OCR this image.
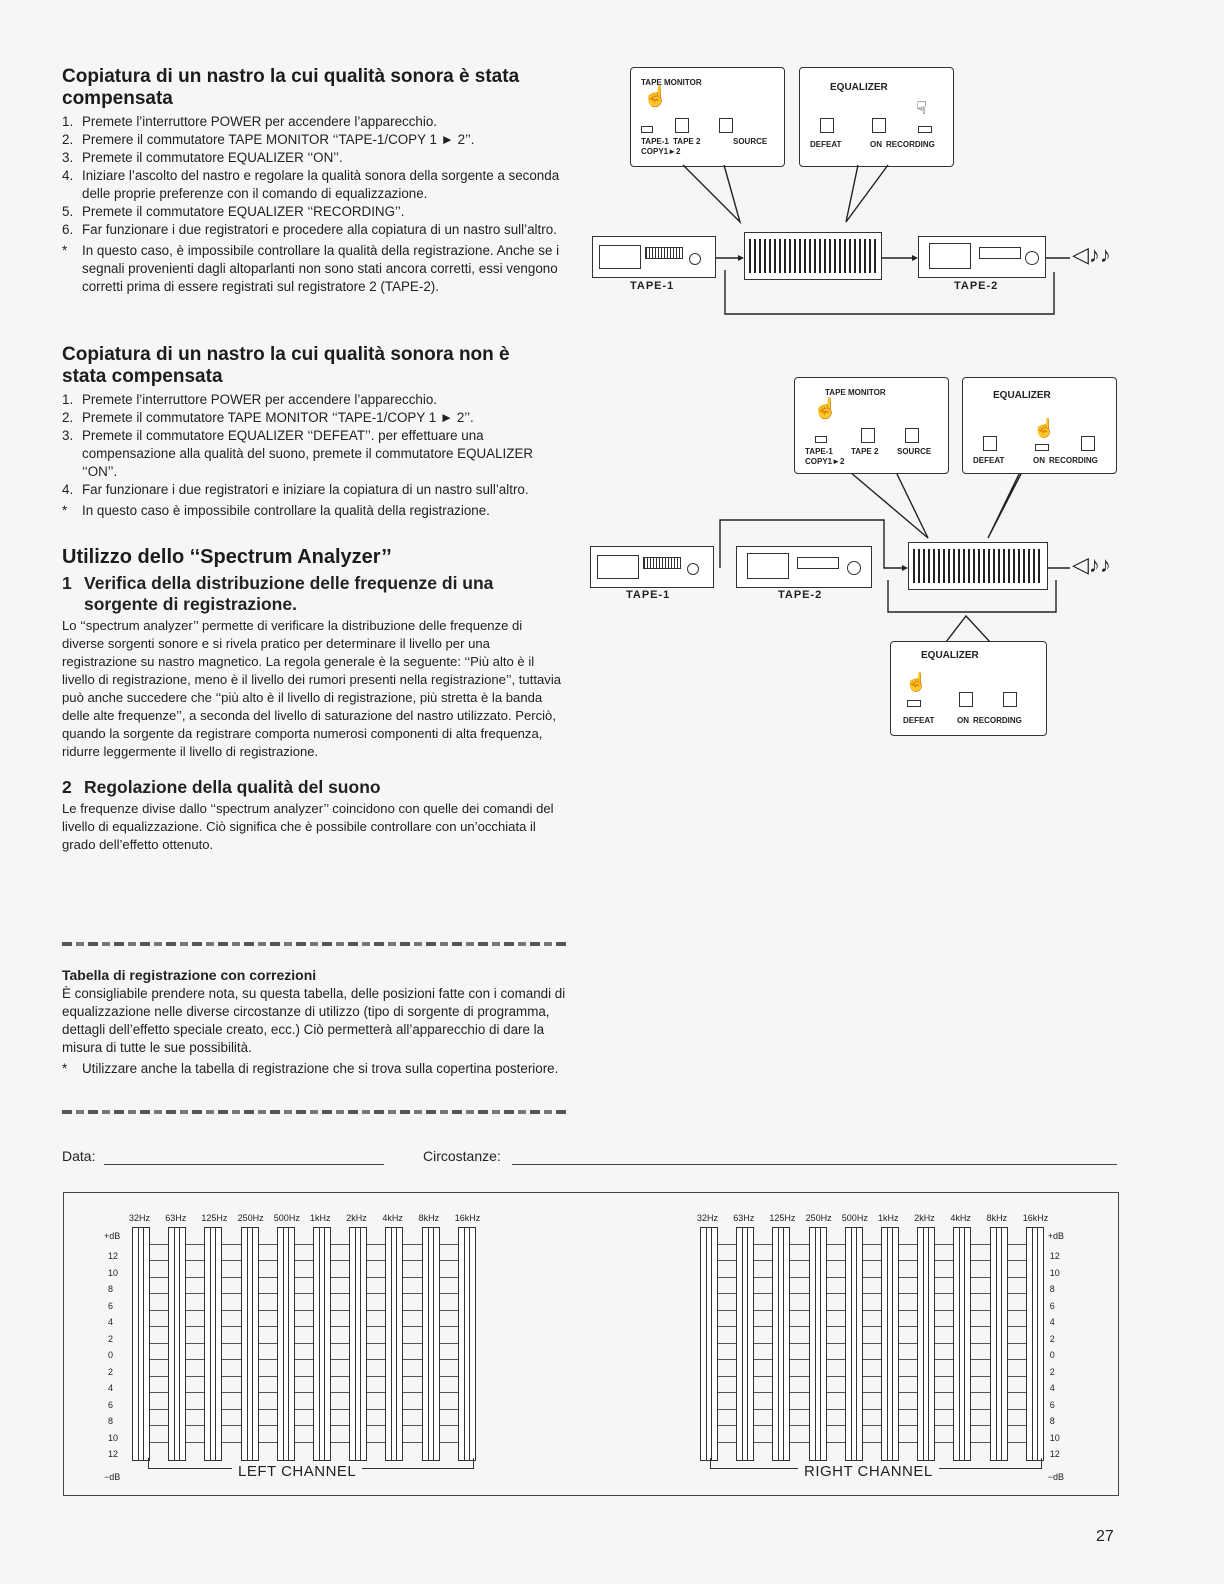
Copiatura di un nastro la cui qualità sonora è stata
compensata
1. Premete l’interruttore POWER per accendere l’apparecchio.
2. Premere il commutatore TAPE MONITOR ‘‘TAPE-1/COPY 1 ► 2’’.
3. Premete il commutatore EQUALIZER ‘‘ON’’.
4. Iniziare l’ascolto del nastro e regolare la qualità sonora della sorgente a seconda delle proprie preferenze con il comando di equalizzazione.
5. Premete il commutatore EQUALIZER ‘‘RECORDING’’.
6. Far funzionare i due registratori e procedere alla copiatura di un nastro sull’altro.
*	In questo caso, è impossibile controllare la qualità della registrazione. Anche se i segnali provenienti dagli altoparlanti non sono stati ancora corretti, essi vengono corretti prima di essere registrati sul registratore 2 (TAPE-2).
Copiatura di un nastro la cui qualità sonora non è
stata compensata
1. Premete l’interruttore POWER per accendere l’apparecchio.
2. Premete il commutatore TAPE MONITOR ‘‘TAPE-1/COPY 1 ► 2’’.
3. Premete il commutatore EQUALIZER ‘‘DEFEAT’’. per effettuare una compensazione alla qualità del suono, premete il commutatore EQUALIZER ‘‘ON’’.
4. Far funzionare i due registratori e iniziare la copiatura di un nastro sull’altro.
*	In questo caso è impossibile controllare la qualità della registrazione.
Utilizzo dello ‘‘Spectrum Analyzer’’
1 Verifica della distribuzione delle frequenze di una sorgente di registrazione.

Lo ‘‘spectrum analyzer’’ permette di verificare la distribuzione delle frequenze di diverse sorgenti sonore e si rivela pratico per determinare il livello per una registrazione su nastro magnetico. La regola generale è la seguente: ‘‘Più alto è il livello di registrazione, meno è il livello dei rumori presenti nella registrazione’’, tuttavia può anche succedere che ‘‘più alto è il livello di registrazione, più stretta è la banda delle alte frequenze’’, a seconda del livello di saturazione del nastro utilizzato. Perciò, quando la sorgente da registrare comporta numerosi componenti di alta frequenza, ridurre leggermente il livello di registrazione.

2 Regolazione della qualità del suono

Le frequenze divise dallo ‘‘spectrum analyzer’’ coincidono con quelle dei comandi del livello di equalizzazione. Ciò significa che è possibile controllare con un’occhiata il grado dell’effetto ottenuto.

Tabella di registrazione con correzioni

È consigliabile prendere nota, su questa tabella, delle posizioni fatte con i comandi di equalizzazione nelle diverse circostanze di utilizzo (tipo di sorgente di programma, dettagli dell’effetto speciale creato, ecc.) Ciò permetterà all’apparecchio di dare la misura di tutte le sue possibilità.

*	Utilizzare anche la tabella di registrazione che si trova sulla copertina posteriore.
Data:	Circostanze:
TAPE MONITOR
☝
TAPE-1
COPY1►2
TAPE 2	SOURCE
EQUALIZER
☟
DEFEAT	ON RECORDING
TAPE-1	TAPE-2
◁♪♪
TAPE MONITOR
☝
TAPE-1
COPY1►2
TAPE 2 SOURCE
EQUALIZER
☝
DEFEAT	ON RECORDING
TAPE-1	TAPE-2
◁♪♪
EQUALIZER
☝
DEFEAT	ON RECORDING
32Hz 63Hz 125Hz 250Hz 500Hz 1kHz 2kHz 4kHz 8kHz 16kHz
+dB
12
10
8
6
4
2
0
2
4
6
8
10
12
−dB
32Hz 63Hz 125Hz 250Hz 500Hz 1kHz 2kHz 4kHz 8kHz 16kHz
+dB
12
10
8
6
4
2
0
2
4
6
8
10
12
−dB
LEFT CHANNEL	RIGHT CHANNEL
27
